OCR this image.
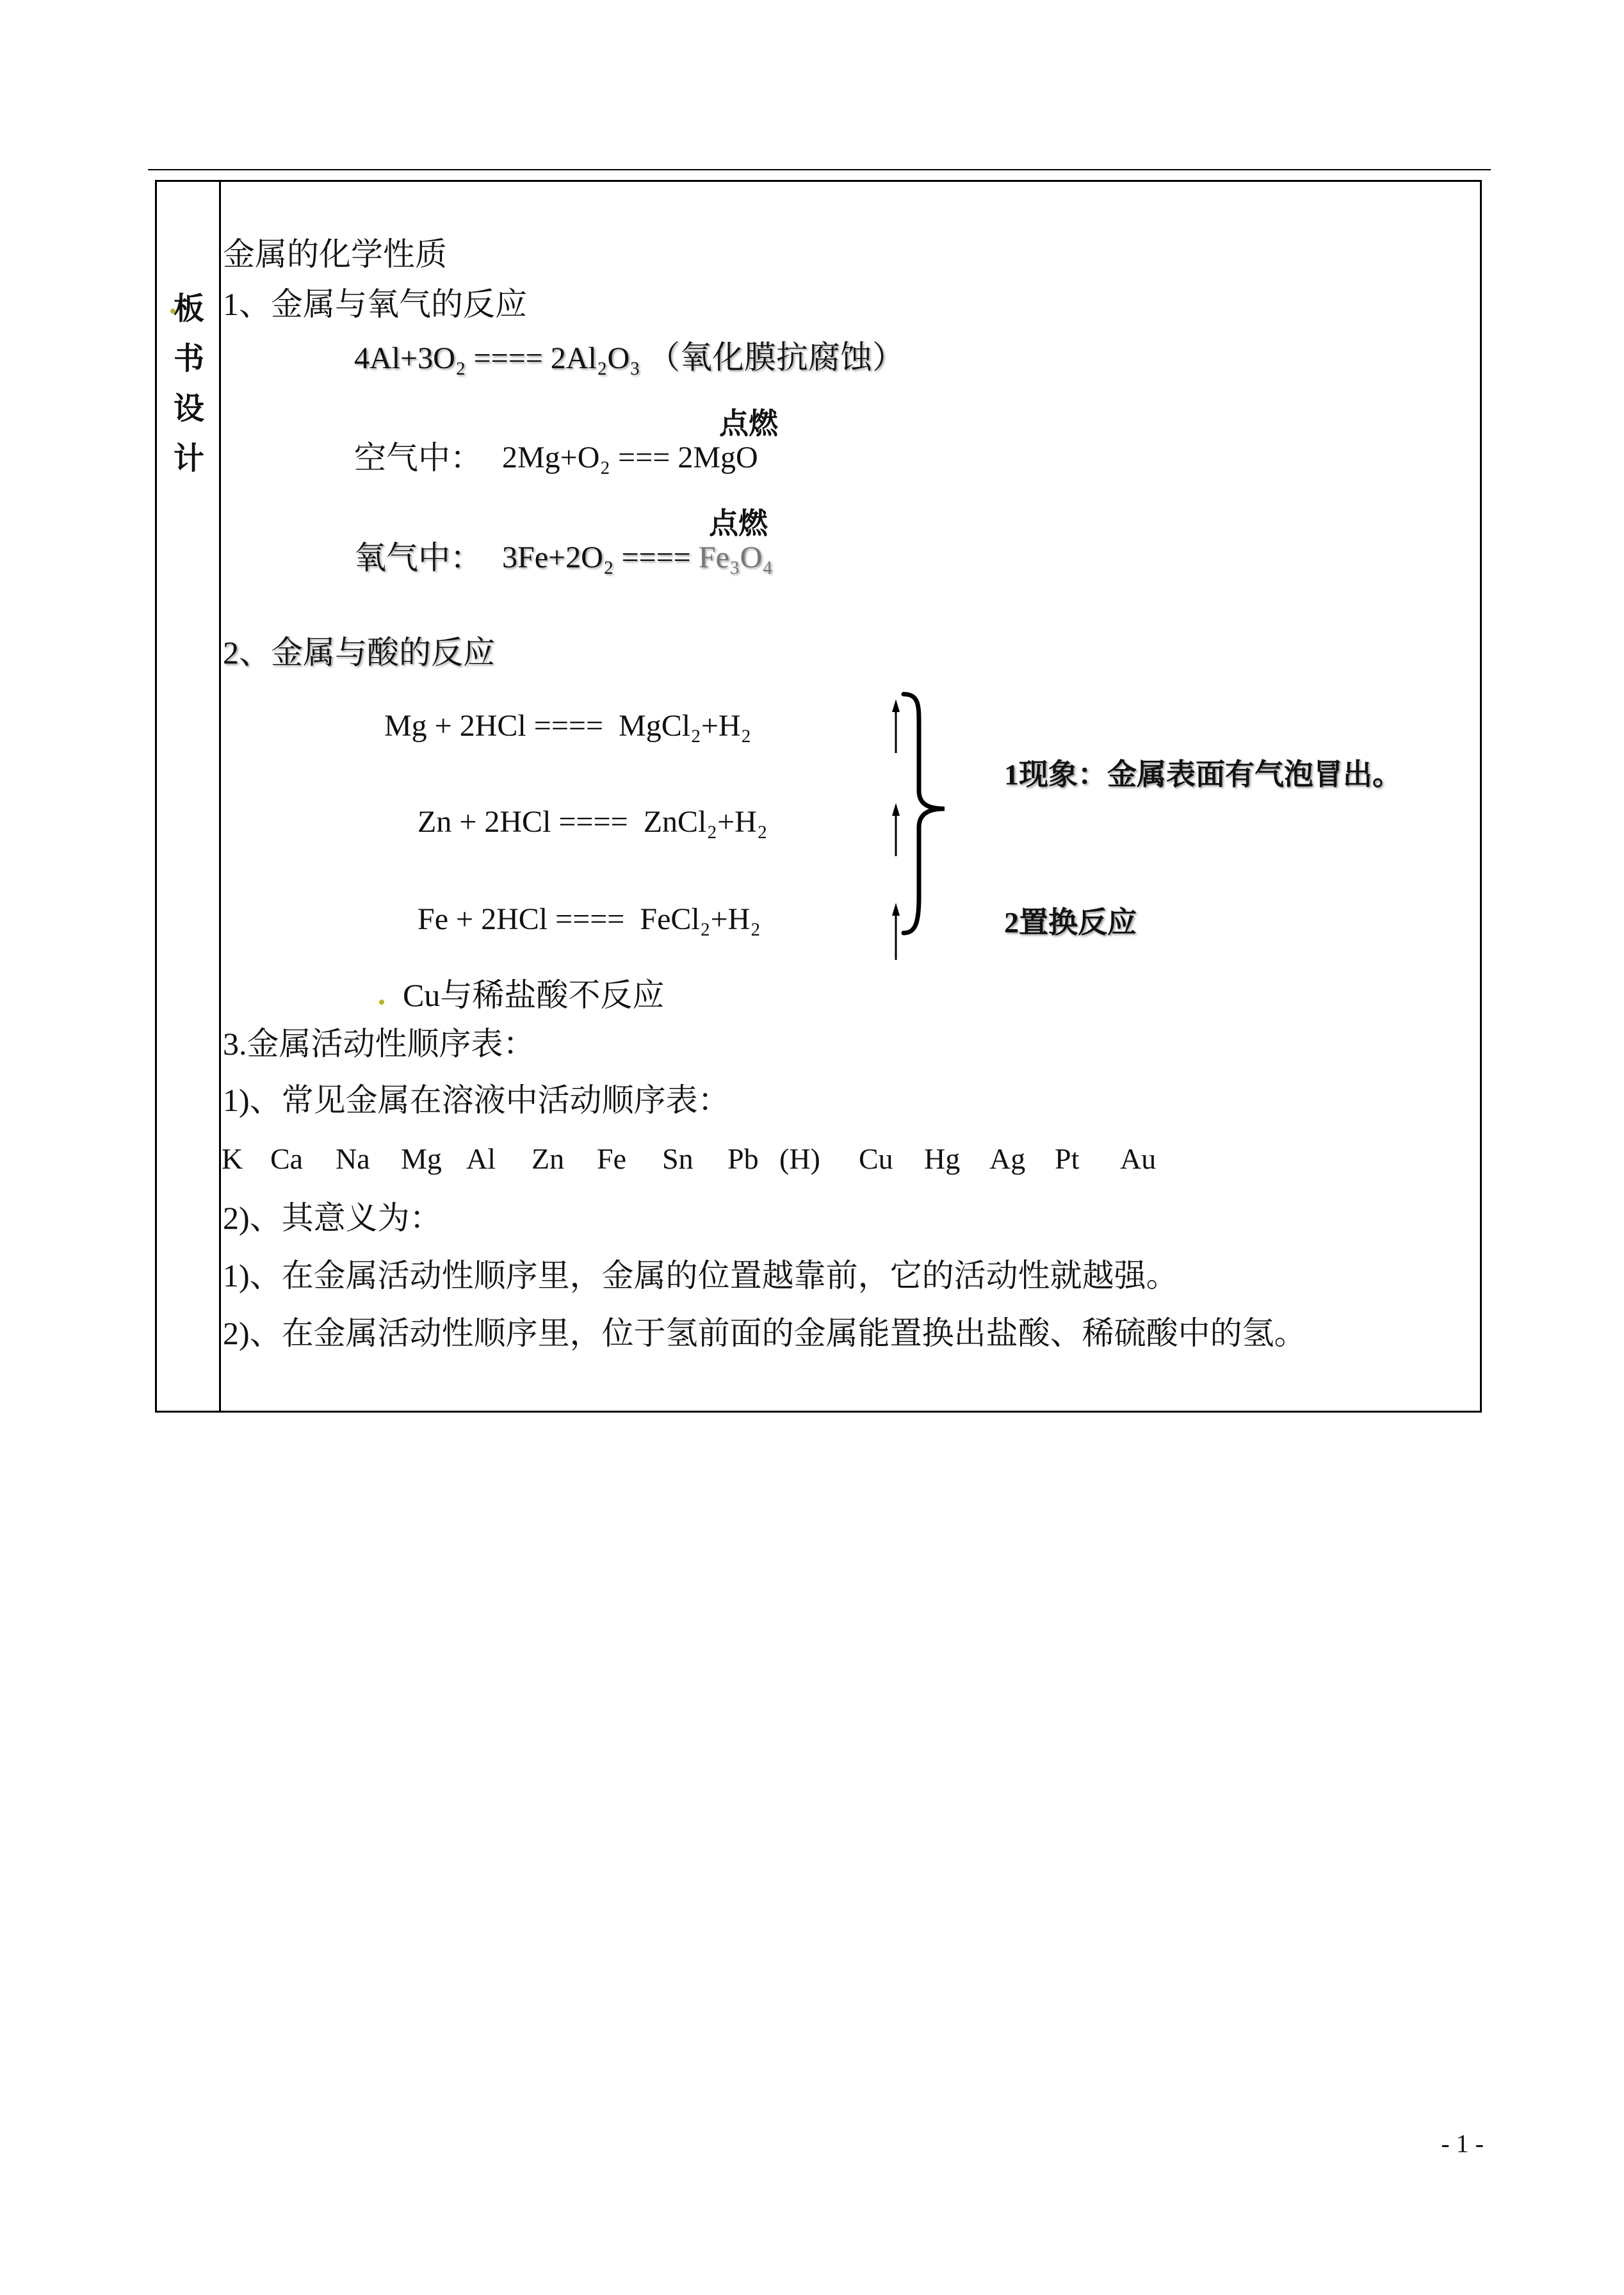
板
书
设
计
金属的化学性质
1、金属与氧气的反应
4Al+3O₂ ==== 2Al₂O₃ （氧化膜抗腐蚀）
点燃
空气中： 2Mg+O₂ === 2MgO
点燃
氧气中： 3Fe+2O₂ ==== Fe₃O₄
2、金属与酸的反应
Mg + 2HCl ====  MgCl₂+H₂
Zn + 2HCl ====  ZnCl₂+H₂
Fe + 2HCl ====  FeCl₂+H₂
1现象：金属表面有气泡冒出。
2置换反应
Cu与稀盐酸不反应
3.金属活动性顺序表：
1)、常见金属在溶液中活动顺序表：
K Ca Na Mg Al Zn Fe Sn Pb (H) Cu Hg Ag Pt Au
2)、其意义为：
1)、在金属活动性顺序里，金属的位置越靠前，它的活动性就越强。
2)、在金属活动性顺序里，位于氢前面的金属能置换出盐酸、稀硫酸中的氢。
- 1 -
